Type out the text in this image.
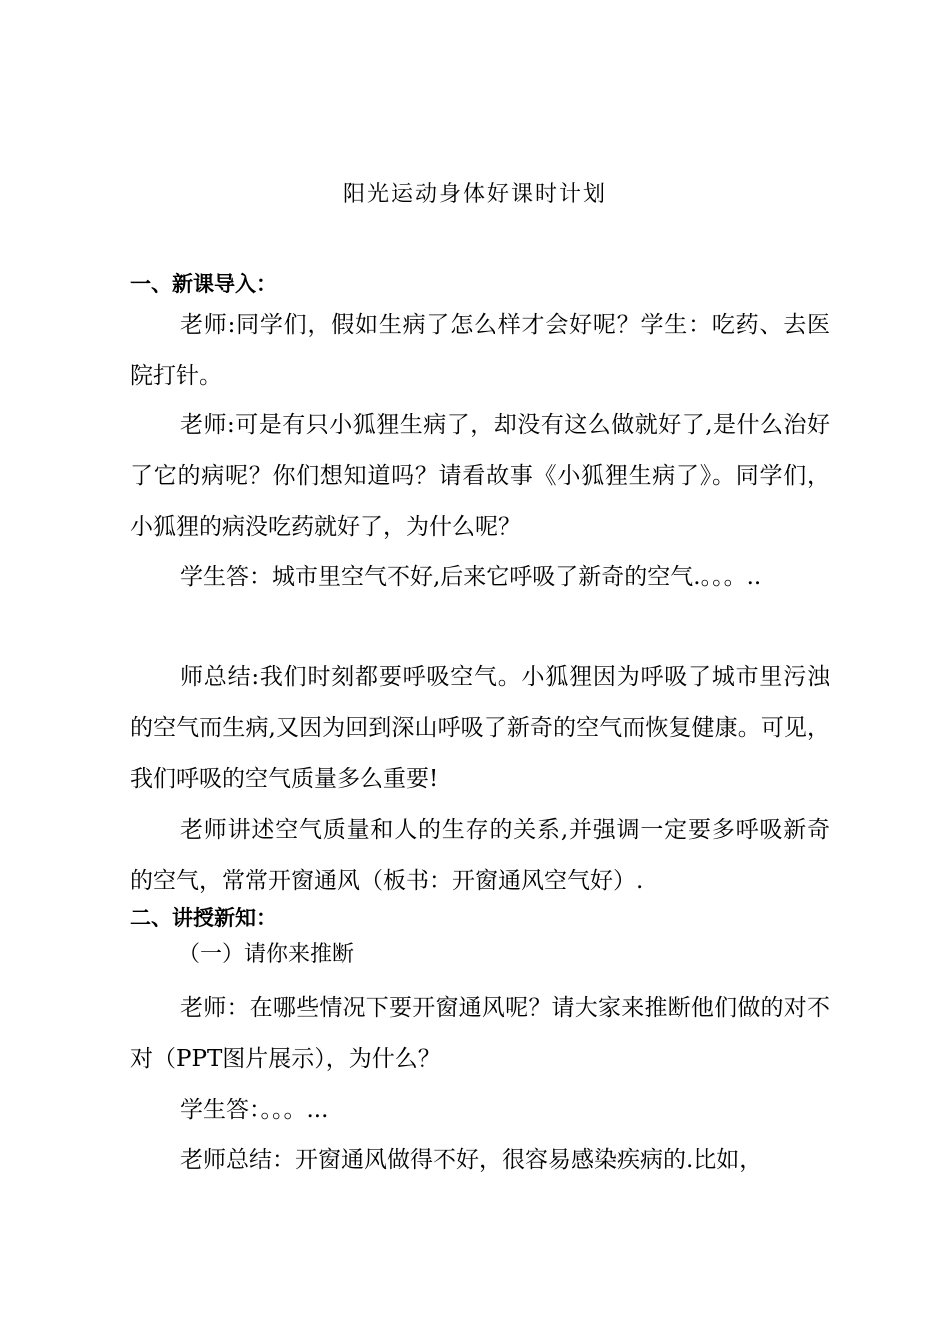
阳光运动身体好课时计划
一、新课导入：
老师:同学们，假如生病了怎么样才会好呢？学生：吃药、去医院打针。
老师:可是有只小狐狸生病了，却没有这么做就好了,是什么治好了它的病呢？你们想知道吗？请看故事《小狐狸生病了》。同学们，小狐狸的病没吃药就好了，为什么呢？
学生答：城市里空气不好,后来它呼吸了新奇的空气.。。。..
师总结:我们时刻都要呼吸空气。小狐狸因为呼吸了城市里污浊的空气而生病,又因为回到深山呼吸了新奇的空气而恢复健康。可见，我们呼吸的空气质量多么重要!
老师讲述空气质量和人的生存的关系,并强调一定要多呼吸新奇的空气，常常开窗通风（板书：开窗通风空气好）.
二、讲授新知：
（一）请你来推断
老师：在哪些情况下要开窗通风呢？请大家来推断他们做的对不对（PPT图片展示），为什么？
学生答：。。。...
老师总结：开窗通风做得不好，很容易感染疾病的.比如，
